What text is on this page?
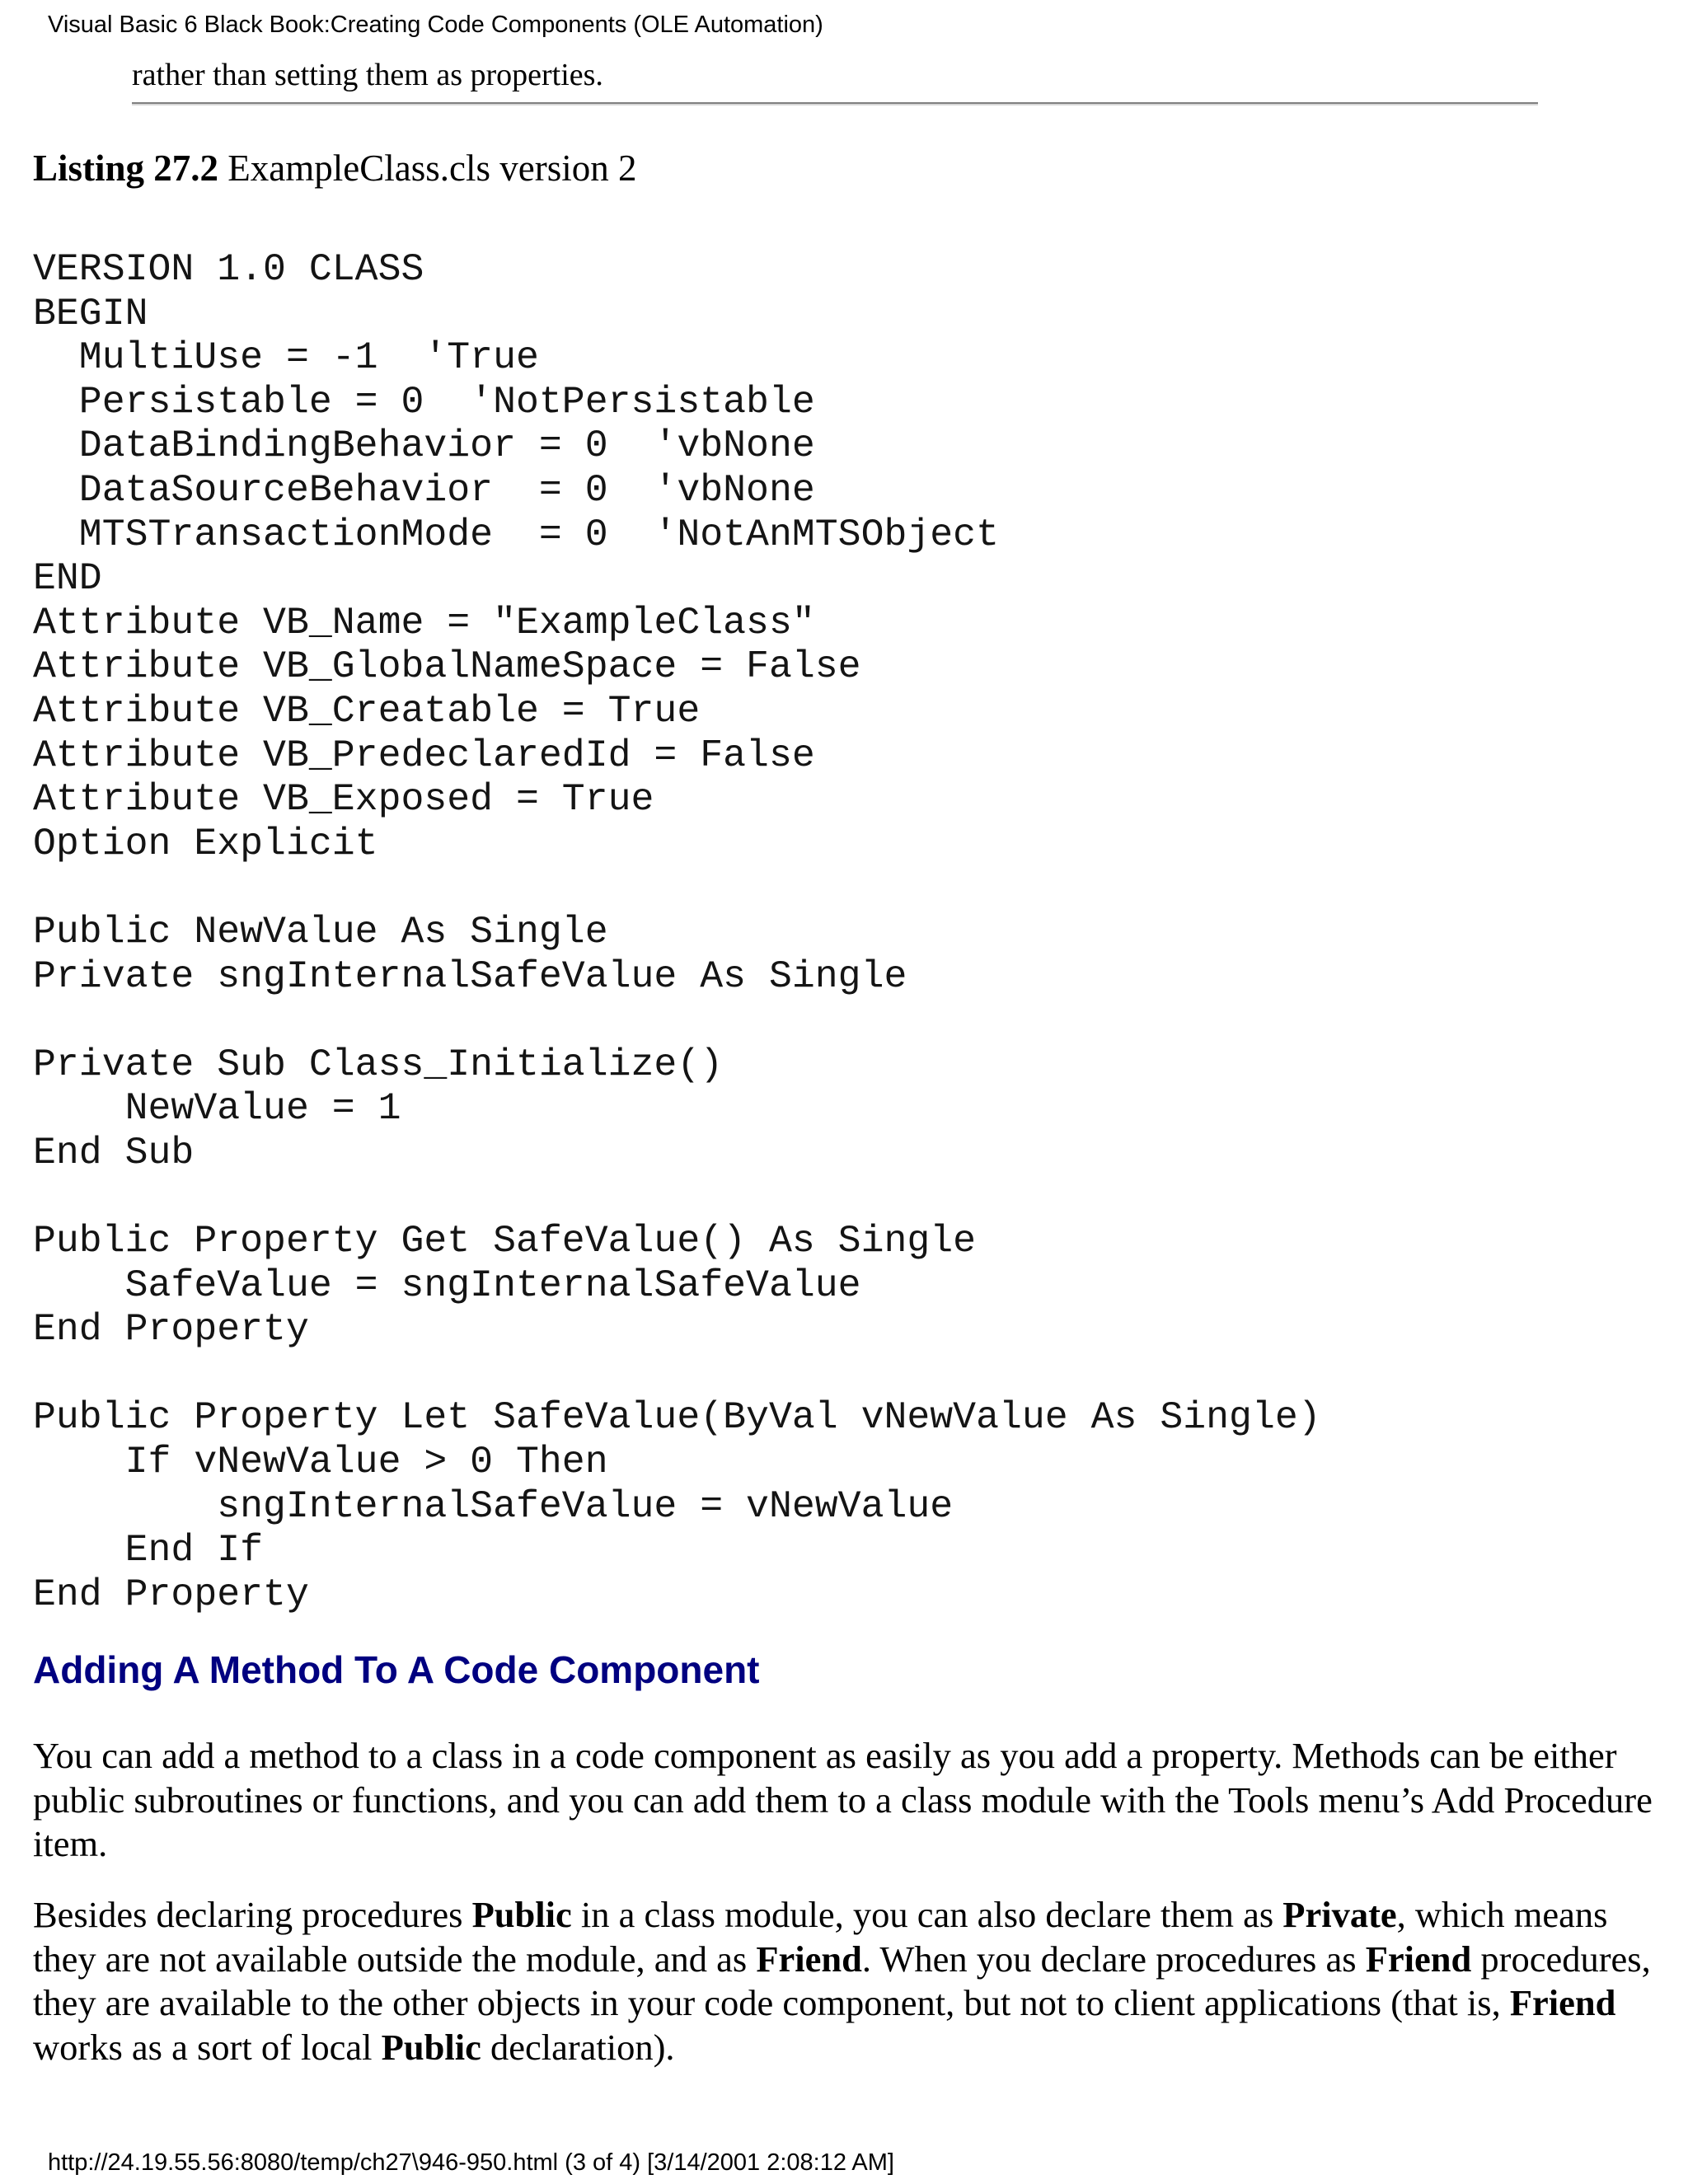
Visual Basic 6 Black Book:Creating Code Components (OLE Automation)
rather than setting them as properties.
Listing 27.2 ExampleClass.cls version 2
VERSION 1.0 CLASS
BEGIN
MultiUse = -1  'True
Persistable = 0  'NotPersistable
DataBindingBehavior = 0  'vbNone
DataSourceBehavior  = 0  'vbNone
MTSTransactionMode  = 0  'NotAnMTSObject
END
Attribute VB_Name = "ExampleClass"
Attribute VB_GlobalNameSpace = False
Attribute VB_Creatable = True
Attribute VB_PredeclaredId = False
Attribute VB_Exposed = True
Option Explicit
Public NewValue As Single
Private sngInternalSafeValue As Single
Private Sub Class_Initialize()
NewValue = 1
End Sub
Public Property Get SafeValue() As Single
SafeValue = sngInternalSafeValue
End Property
Public Property Let SafeValue(ByVal vNewValue As Single)
If vNewValue > 0 Then
sngInternalSafeValue = vNewValue
End If
End Property
Adding A Method To A Code Component

You can add a method to a class in a code component as easily as you add a property. Methods can be either public subroutines or functions, and you can add them to a class module with the Tools menu’s Add Procedure item.

Besides declaring procedures Public in a class module, you can also declare them as Private, which means they are not available outside the module, and as Friend. When you declare procedures as Friend procedures, they are available to the other objects in your code component, but not to client applications (that is, Friend works as a sort of local Public declaration).

http://24.19.55.56:8080/temp/ch27\946-950.html (3 of 4) [3/14/2001 2:08:12 AM]
